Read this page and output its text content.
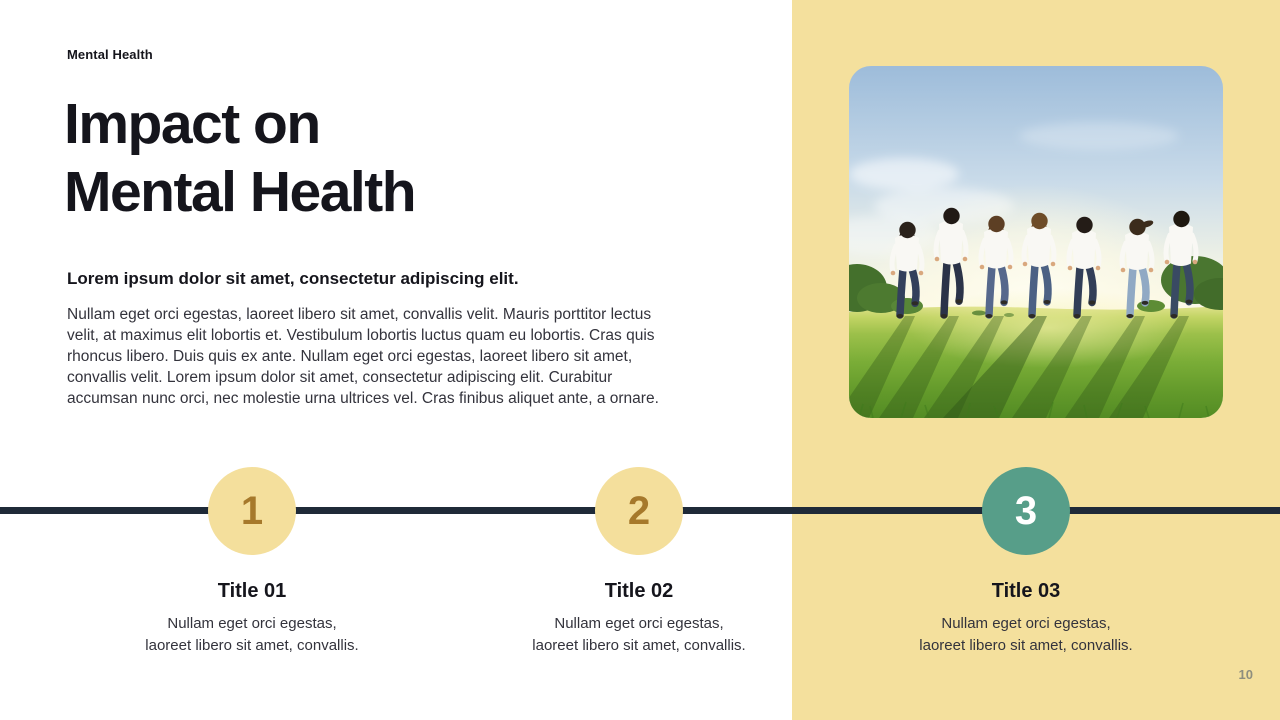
Mental Health
Impact on
Mental Health
Lorem ipsum dolor sit amet, consectetur adipiscing elit.
Nullam eget orci egestas, laoreet libero sit amet, convallis velit. Mauris porttitor lectus velit, at maximus elit lobortis et. Vestibulum lobortis luctus quam eu lobortis. Cras quis rhoncus libero. Duis quis ex ante. Nullam eget orci egestas, laoreet libero sit amet, convallis velit. Lorem ipsum dolor sit amet, consectetur adipiscing elit. Curabitur accumsan nunc orci, nec molestie urna ultrices vel. Cras finibus aliquet ante, a ornare.
1	2	3
Title 01	Title 02	Title 03
Nullam eget orci egestas,
laoreet libero sit amet, convallis.
Nullam eget orci egestas,
laoreet libero sit amet, convallis.
Nullam eget orci egestas,
laoreet libero sit amet, convallis.
10
